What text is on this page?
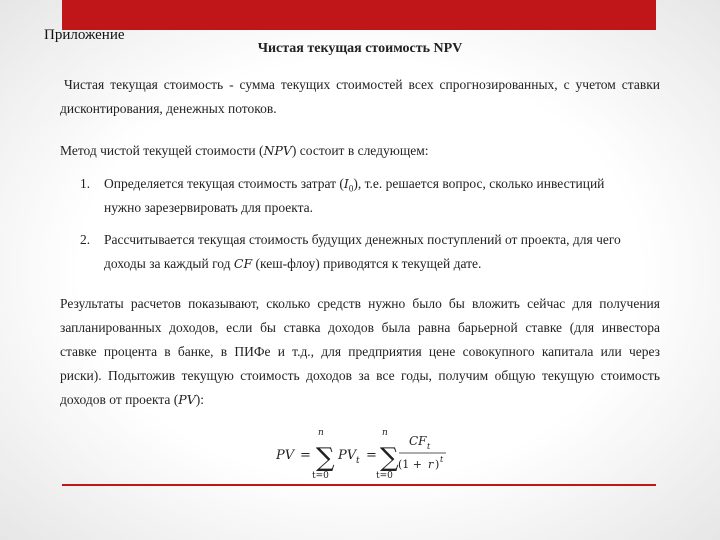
Приложение
Чистая текущая стоимость NPV

Чистая текущая стоимость - сумма текущих стоимостей всех спрогнозированных, с учетом ставки

дисконтирования, денежных потоков.

Метод чистой текущей стоимости (NPV) состоит в следующем:

1. Определяется текущая стоимость затрат $(I_0)$, т.е. решается вопрос, сколько инвестиций

нужно зарезервировать для проекта.

2. Рассчитывается текущая стоимость будущих денежных поступлений от проекта, для чего

доходы за каждый год CF (кеш-флоу) приводятся к текущей дате.

Результаты расчетов показывают, сколько средств нужно было бы вложить сейчас для получения

запланированных доходов, если бы ставка доходов была равна барьерной ставке (для инвестора

ставке процента в банке, в ПИФе и т.д., для предприятия цене совокупного капитала или через

риски). Подытожив текущую стоимость доходов за все годы, получим общую текущую стоимость

доходов от проекта (PV):

PV =
n
∑
t=0
PV t =
n
∑
t=0
CF t
(1 + r ) t
